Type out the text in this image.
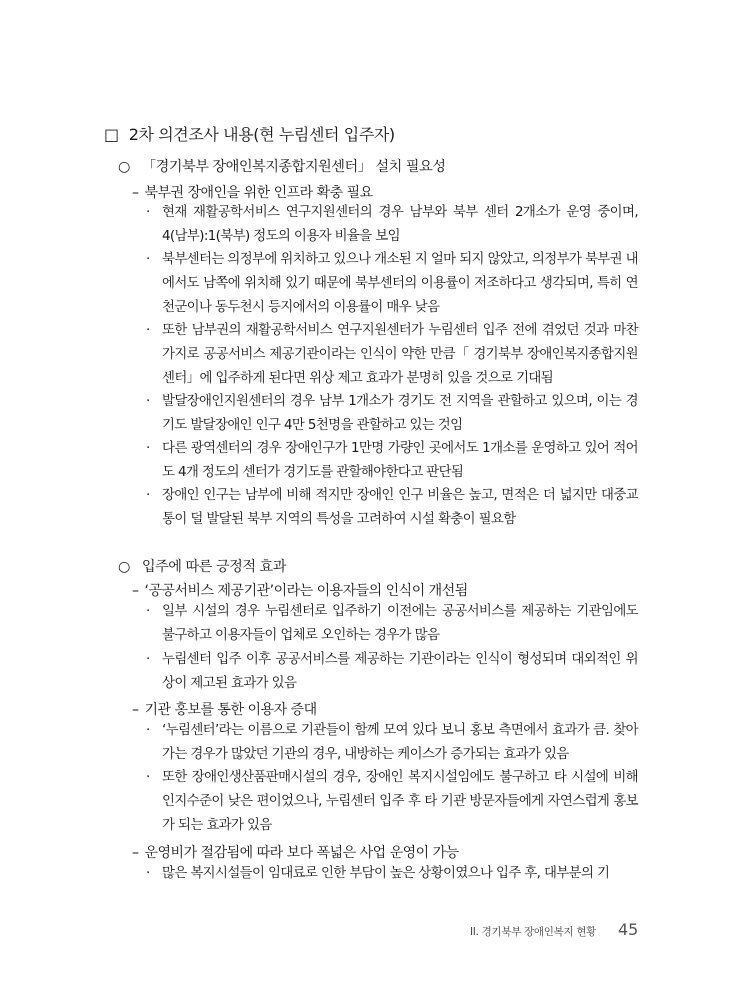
□ 2차 의견조사 내용(현 누림센터 입주자)
○ 「경기북부 장애인복지종합지원센터」 설치 필요성
– 북부권 장애인을 위한 인프라 확충 필요
· 현재 재활공학서비스 연구지원센터의 경우 남부와 북부 센터 2개소가 운영 중이며, 4(남부):1(북부) 정도의 이용자 비율을 보임
· 북부센터는 의정부에 위치하고 있으나 개소된 지 얼마 되지 않았고, 의정부가 북부권 내에서도 남쪽에 위치해 있기 때문에 북부센터의 이용률이 저조하다고 생각되며, 특히 연천군이나 동두천시 등지에서의 이용률이 매우 낮음
· 또한 남부권의 재활공학서비스 연구지원센터가 누림센터 입주 전에 겪었던 것과 마찬가지로 공공서비스 제공기관이라는 인식이 약한 만큼「 경기북부 장애인복지종합지원센터」에 입주하게 된다면 위상 제고 효과가 분명히 있을 것으로 기대됨
· 발달장애인지원센터의 경우 남부 1개소가 경기도 전 지역을 관할하고 있으며, 이는 경기도 발달장애인 인구 4만 5천명을 관할하고 있는 것임
· 다른 광역센터의 경우 장애인구가 1만명 가량인 곳에서도 1개소를 운영하고 있어 적어도 4개 정도의 센터가 경기도를 관할해야한다고 판단됨
· 장애인 인구는 남부에 비해 적지만 장애인 인구 비율은 높고, 면적은 더 넓지만 대중교통이 덜 발달된 북부 지역의 특성을 고려하여 시설 확충이 필요함
○ 입주에 따른 긍정적 효과
– ‘공공서비스 제공기관’이라는 이용자들의 인식이 개선됨
· 일부 시설의 경우 누림센터로 입주하기 이전에는 공공서비스를 제공하는 기관임에도 불구하고 이용자들이 업체로 오인하는 경우가 많음
· 누림센터 입주 이후 공공서비스를 제공하는 기관이라는 인식이 형성되며 대외적인 위상이 제고된 효과가 있음
– 기관 홍보를 통한 이용자 증대
· ‘누림센터’라는 이름으로 기관들이 함께 모여 있다 보니 홍보 측면에서 효과가 큼. 찾아가는 경우가 많았던 기관의 경우, 내방하는 케이스가 증가되는 효과가 있음
· 또한 장애인생산품판매시설의 경우, 장애인 복지시설임에도 불구하고 타 시설에 비해 인지수준이 낮은 편이었으나, 누림센터 입주 후 타 기관 방문자들에게 자연스럽게 홍보가 되는 효과가 있음
– 운영비가 절감됨에 따라 보다 폭넓은 사업 운영이 가능
· 많은 복지시설들이 임대료로 인한 부담이 높은 상황이였으나 입주 후, 대부분의 기
II. 경기북부 장애인복지 현황 45
